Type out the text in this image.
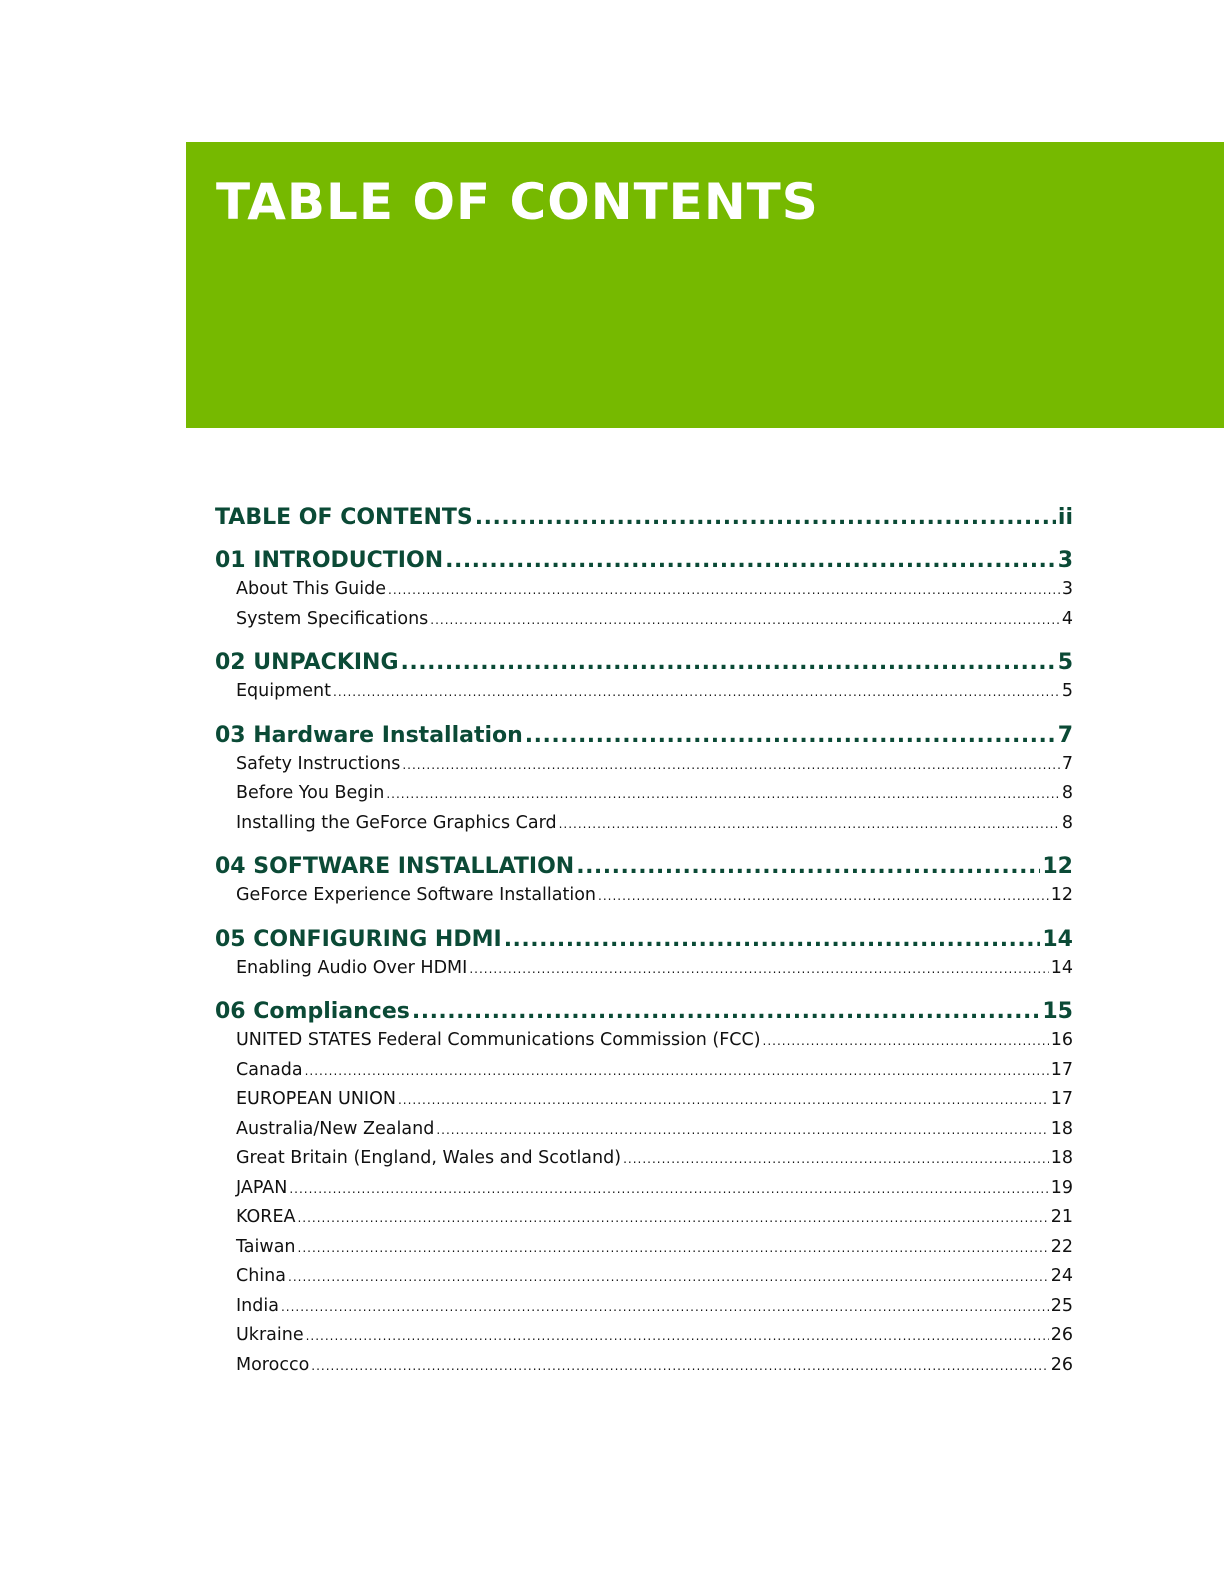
TABLE OF CONTENTS
TABLE OF CONTENTS .....	ii
01 INTRODUCTION .....	3
About This Guide .....	3
System Specifications .....	4
02 UNPACKING .....	5
Equipment .....	5
03 Hardware Installation .....	7
Safety Instructions .....	7
Before You Begin .....	8
Installing the GeForce Graphics Card .....	8
04 SOFTWARE INSTALLATION .....	12
GeForce Experience Software Installation .....	12
05 CONFIGURING HDMI .....	14
Enabling Audio Over HDMI .....	14
06 Compliances .....	15
UNITED STATES Federal Communications Commission (FCC) .....	16
Canada .....	17
EUROPEAN UNION .....	17
Australia/New Zealand .....	18
Great Britain (England, Wales and Scotland) .....	18
JAPAN .....	19
KOREA .....	21
Taiwan .....	22
China .....	24
India .....	25
Ukraine .....	26
Morocco .....	26
